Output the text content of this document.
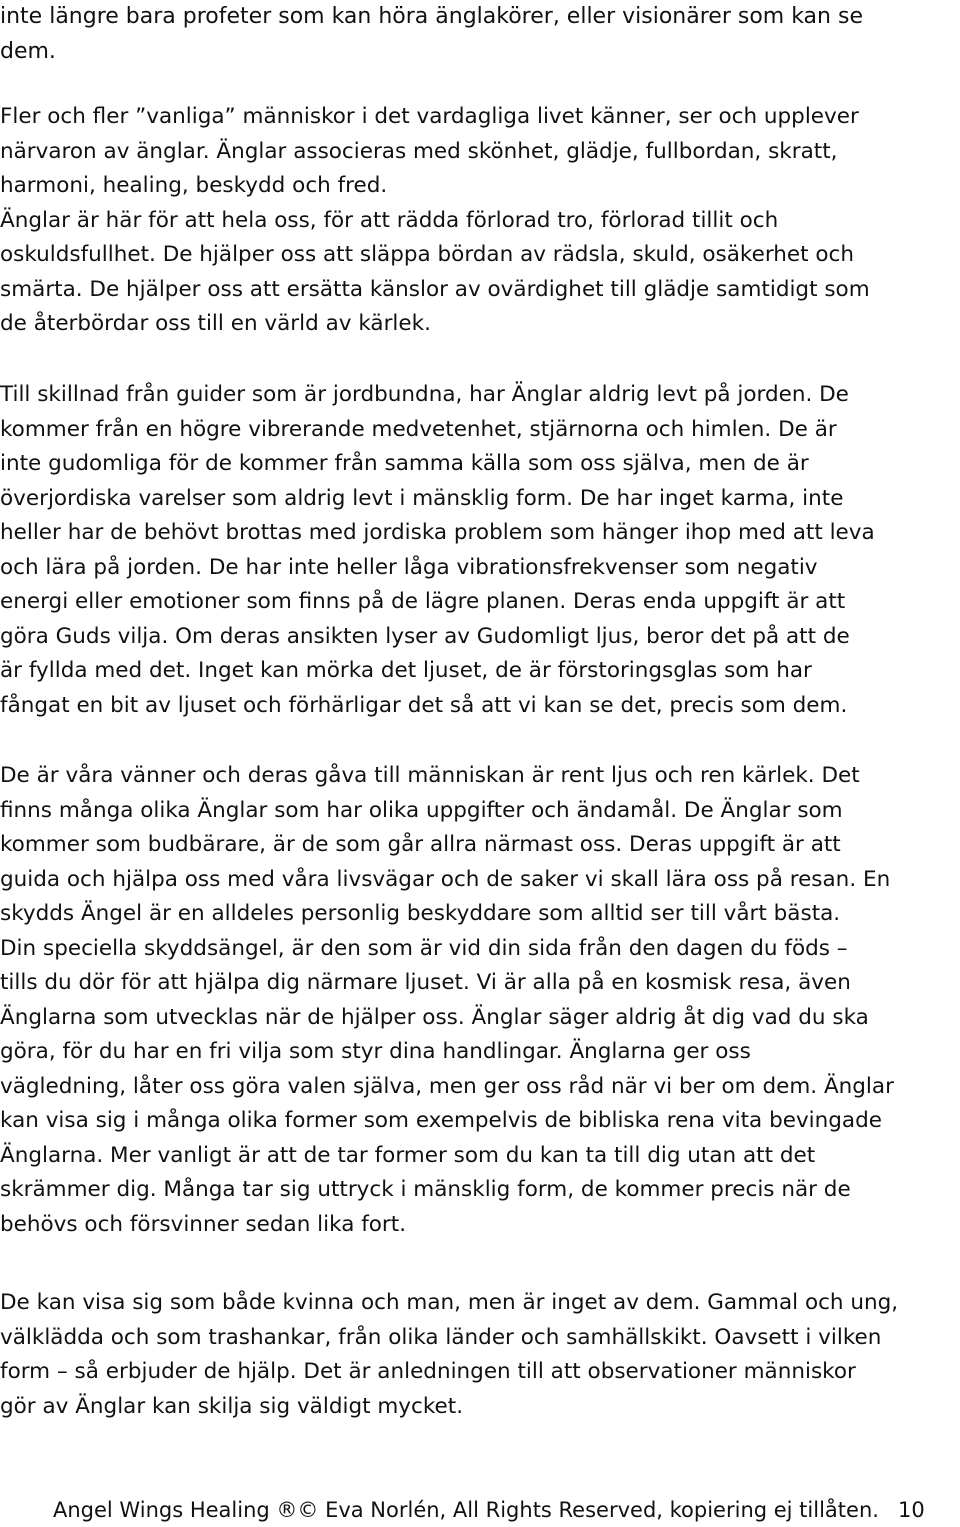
inte längre bara profeter som kan höra änglakörer, eller visionärer som kan se
dem.
Fler och fler ”vanliga” människor i det vardagliga livet känner, ser och upplever
närvaron av änglar. Änglar associeras med skönhet, glädje, fullbordan, skratt,
harmoni, healing, beskydd och fred.
Änglar är här för att hela oss, för att rädda förlorad tro, förlorad tillit och
oskuldsfullhet. De hjälper oss att släppa bördan av rädsla, skuld, osäkerhet och
smärta. De hjälper oss att ersätta känslor av ovärdighet till glädje samtidigt som
de återbördar oss till en värld av kärlek.
Till skillnad från guider som är jordbundna, har Änglar aldrig levt på jorden. De
kommer från en högre vibrerande medvetenhet, stjärnorna och himlen. De är
inte gudomliga för de kommer från samma källa som oss själva, men de är
överjordiska varelser som aldrig levt i mänsklig form. De har inget karma, inte
heller har de behövt brottas med jordiska problem som hänger ihop med att leva
och lära på jorden. De har inte heller låga vibrationsfrekvenser som negativ
energi eller emotioner som finns på de lägre planen. Deras enda uppgift är att
göra Guds vilja. Om deras ansikten lyser av Gudomligt ljus, beror det på att de
är fyllda med det. Inget kan mörka det ljuset, de är förstoringsglas som har
fångat en bit av ljuset och förhärligar det så att vi kan se det, precis som dem.
De är våra vänner och deras gåva till människan är rent ljus och ren kärlek. Det
finns många olika Änglar som har olika uppgifter och ändamål. De Änglar som
kommer som budbärare, är de som går allra närmast oss. Deras uppgift är att
guida och hjälpa oss med våra livsvägar och de saker vi skall lära oss på resan. En
skydds Ängel är en alldeles personlig beskyddare som alltid ser till vårt bästa.
Din speciella skyddsängel, är den som är vid din sida från den dagen du föds –
tills du dör för att hjälpa dig närmare ljuset. Vi är alla på en kosmisk resa, även
Änglarna som utvecklas när de hjälper oss. Änglar säger aldrig åt dig vad du ska
göra, för du har en fri vilja som styr dina handlingar. Änglarna ger oss
vägledning, låter oss göra valen själva, men ger oss råd när vi ber om dem. Änglar
kan visa sig i många olika former som exempelvis de bibliska rena vita bevingade
Änglarna. Mer vanligt är att de tar former som du kan ta till dig utan att det
skrämmer dig. Många tar sig uttryck i mänsklig form, de kommer precis när de
behövs och försvinner sedan lika fort.
De kan visa sig som både kvinna och man, men är inget av dem. Gammal och ung,
välklädda och som trashankar, från olika länder och samhällskikt. Oavsett i vilken
form – så erbjuder de hjälp. Det är anledningen till att observationer människor
gör av Änglar kan skilja sig väldigt mycket.
Angel Wings Healing ®© Eva Norlén, All Rights Reserved, kopiering ej tillåten. 10
